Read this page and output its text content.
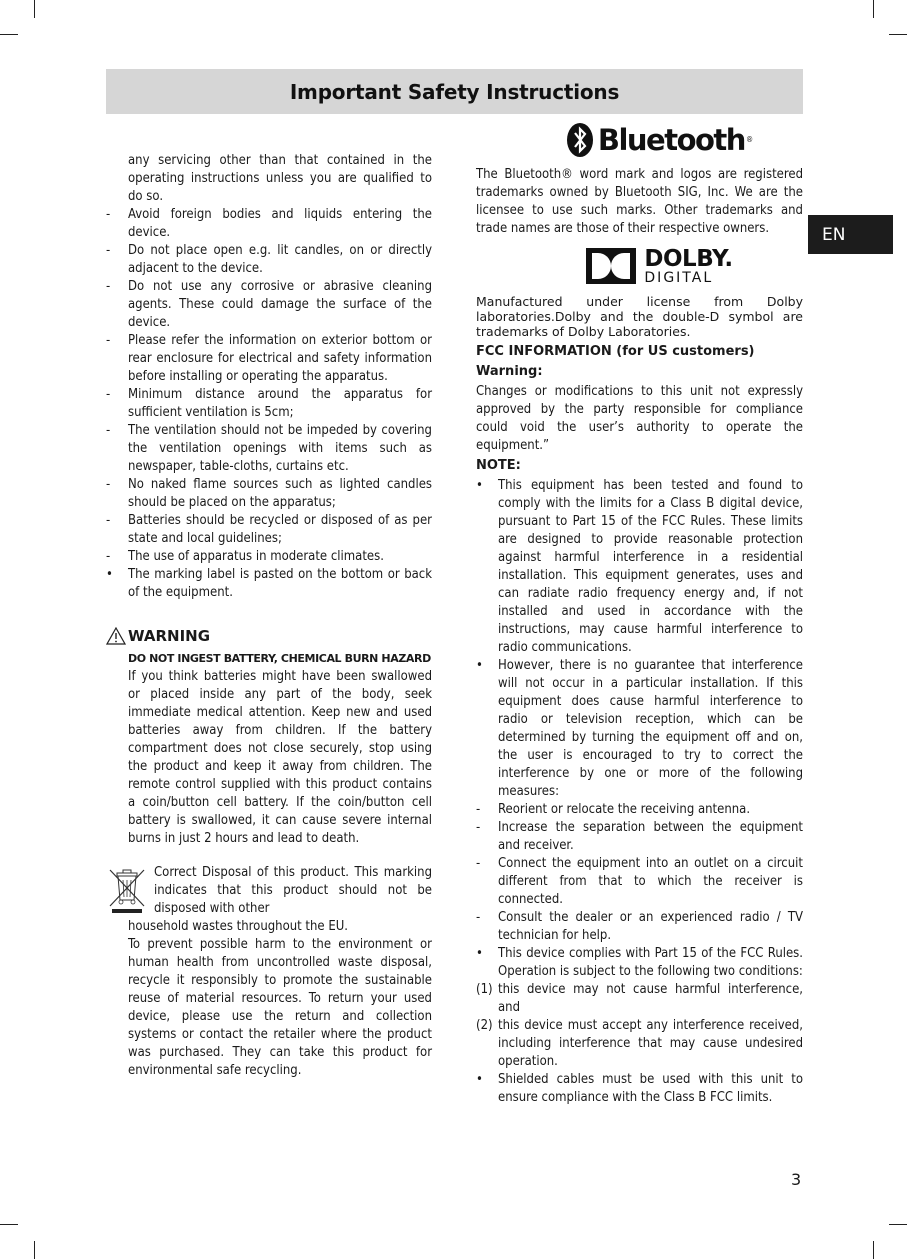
Important Safety Instructions
EN

any servicing other than that contained in the operating instructions unless you are qualified to do so.

-	Avoid foreign bodies and liquids entering the device.
-	Do not place open e.g. lit candles, on or directly adjacent to the device.
-	Do not use any corrosive or abrasive cleaning agents. These could damage the surface of the device.
-	Please refer the information on exterior bottom or rear enclosure for electrical and safety information before installing or operating the apparatus.
-	Minimum distance around the apparatus for sufficient ventilation is 5cm;
-	The ventilation should not be impeded by covering the ventilation openings with items such as newspaper, table-cloths, curtains etc.
-	No naked flame sources such as lighted candles should be placed on the apparatus;
-	Batteries should be recycled or disposed of as per state and local guidelines;
-	The use of apparatus in moderate climates.
•	The marking label is pasted on the bottom or back of the equipment.
WARNING
DO NOT INGEST BATTERY, CHEMICAL BURN HAZARD

If you think batteries might have been swallowed or placed inside any part of the body, seek immediate medical attention. Keep new and used batteries away from children. If the battery compartment does not close securely, stop using the product and keep it away from children. The remote control supplied with this product contains a coin/button cell battery. If the coin/button cell battery is swallowed, it can cause severe internal burns in just 2 hours and lead to death.

Correct Disposal of this product. This marking indicates that this product should not be disposed with other

household wastes throughout the EU.

To prevent possible harm to the environment or human health from uncontrolled waste disposal, recycle it responsibly to promote the sustainable reuse of material resources. To return your used device, please use the return and collection systems or contact the retailer where the product was purchased. They can take this product for environmental safe recycling.

Bluetooth ®

The Bluetooth® word mark and logos are registered trademarks owned by Bluetooth SIG, Inc. We are the licensee to use such marks. Other trademarks and trade names are those of their respective owners.

DOLBY.
DIGITAL

Manufactured under license from Dolby laboratories.Dolby and the double-D symbol are trademarks of Dolby Laboratories.

FCC INFORMATION (for US customers)
Warning:

Changes or modifications to this unit not expressly approved by the party responsible for compliance could void the user’s authority to operate the equipment.”

NOTE:
•	This equipment has been tested and found to comply with the limits for a Class B digital device, pursuant to Part 15 of the FCC Rules. These limits are designed to provide reasonable protection against harmful interference in a residential installation. This equipment generates, uses and can radiate radio frequency energy and, if not installed and used in accordance with the instructions, may cause harmful interference to radio communications.
•	However, there is no guarantee that interference will not occur in a particular installation. If this equipment does cause harmful interference to radio or television reception, which can be determined by turning the equipment off and on, the user is encouraged to try to correct the interference by one or more of the following measures:
-	Reorient or relocate the receiving antenna.
-	Increase the separation between the equipment and receiver.
-	Connect the equipment into an outlet on a circuit different from that to which the receiver is connected.
-	Consult the dealer or an experienced radio / TV technician for help.
•	This device complies with Part 15 of the FCC Rules. Operation is subject to the following two conditions:
(1) this device may not cause harmful interference, and
(2) this device must accept any interference received, including interference that may cause undesired operation.
•	Shielded cables must be used with this unit to ensure compliance with the Class B FCC limits.
3
